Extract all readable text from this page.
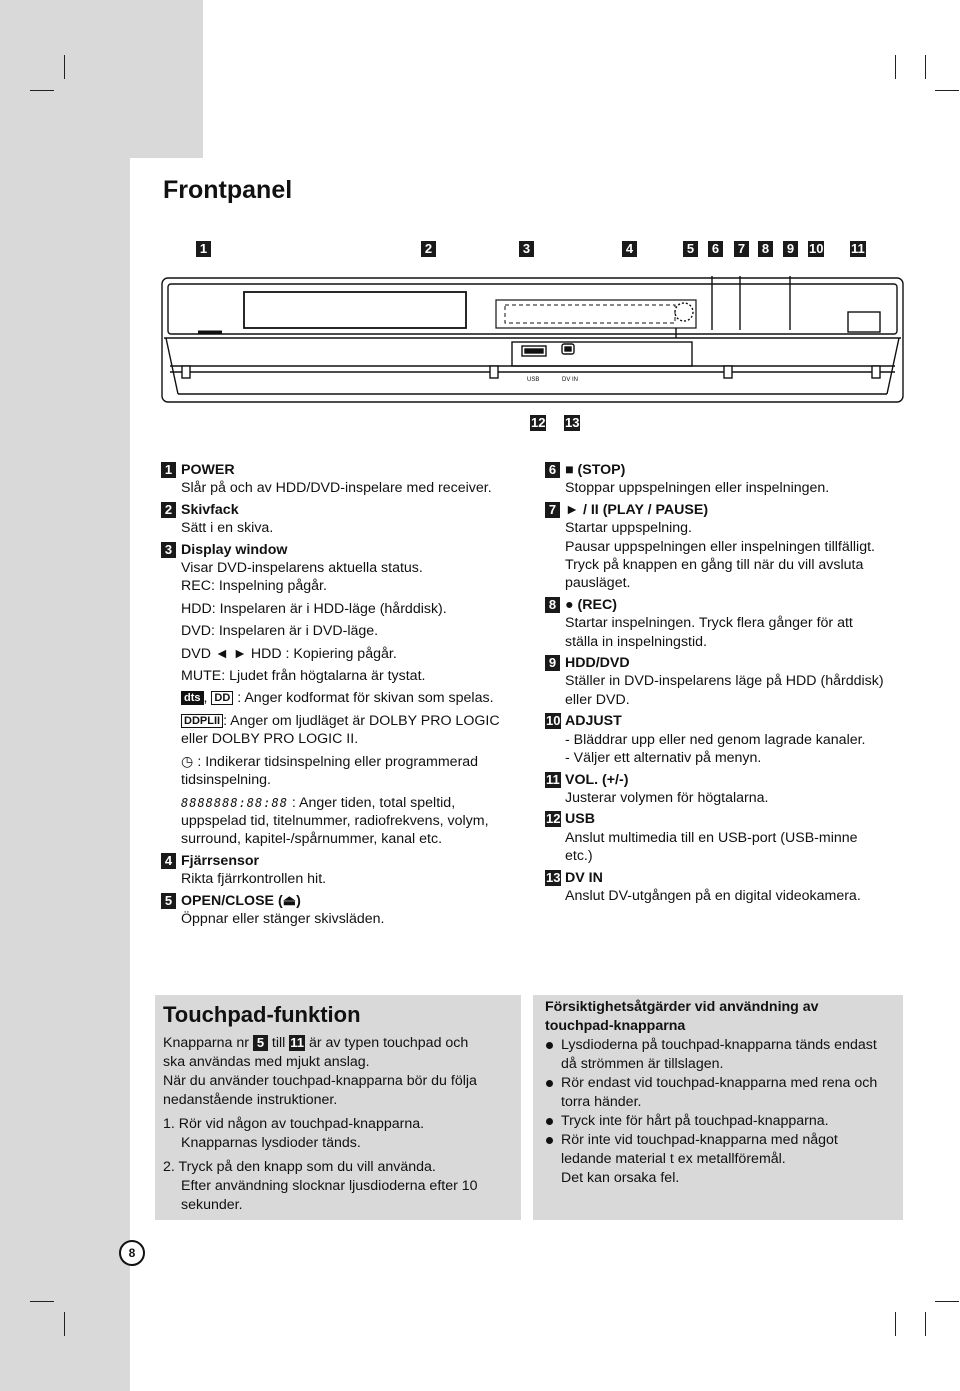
Frontpanel
1	2	3	4	5 6 7 8 9 10 11
USB	DV IN
12 13
1 POWER
Slår på och av HDD/DVD-inspelare med receiver.
2 Skivfack
Sätt i en skiva.
3 Display window
Visar DVD-inspelarens aktuella status.
REC: Inspelning pågår.
HDD: Inspelaren är i HDD-läge (hårddisk).
DVD: Inspelaren är i DVD-läge.
DVD ◄ ► HDD : Kopiering pågår.
MUTE: Ljudet från högtalarna är tystat.
dts , DD : Anger kodformat för skivan som spelas.
DDPLII : Anger om ljudläget är DOLBY PRO LOGIC
eller DOLBY PRO LOGIC II.
◷ : Indikerar tidsinspelning eller programmerad
tidsinspelning.
8888888:88:88 : Anger tiden, total speltid,
uppspelad tid, titelnummer, radiofrekvens, volym,
surround, kapitel-/spårnummer, kanal etc.
4 Fjärrsensor
Rikta fjärrkontrollen hit.
5 OPEN/CLOSE (⏏)
Öppnar eller stänger skivsläden.
6 ■ (STOP)
Stoppar uppspelningen eller inspelningen.
7 ► / II (PLAY / PAUSE)
Startar uppspelning.
Pausar uppspelningen eller inspelningen tillfälligt.
Tryck på knappen en gång till när du vill avsluta
pausläget.
8 ● (REC)
Startar inspelningen. Tryck flera gånger för att
ställa in inspelningstid.
9 HDD/DVD
Ställer in DVD-inspelarens läge på HDD (hårddisk)
eller DVD.
10 ADJUST
- Bläddrar upp eller ned genom lagrade kanaler.
- Väljer ett alternativ på menyn.
11 VOL. (+/-)
Justerar volymen för högtalarna.
12 USB
Anslut multimedia till en USB-port (USB-minne
etc.)
13 DV IN
Anslut DV-utgången på en digital videokamera.
Touchpad-funktion
Knapparna nr 5 till 11 är av typen touchpad och
ska användas med mjukt anslag.
När du använder touchpad-knapparna bör du följa
nedanstående instruktioner.
1. Rör vid någon av touchpad-knapparna.
Knapparnas lysdioder tänds.
2. Tryck på den knapp som du vill använda.
Efter användning slocknar ljusdioderna efter 10
sekunder.
Försiktighetsåtgärder vid användning av
touchpad-knapparna
Lysdioderna på touchpad-knapparna tänds endast
då strömmen är tillslagen.
Rör endast vid touchpad-knapparna med rena och
torra händer.
Tryck inte för hårt på touchpad-knapparna.
Rör inte vid touchpad-knapparna med något
ledande material t ex metallföremål.
Det kan orsaka fel.
8
